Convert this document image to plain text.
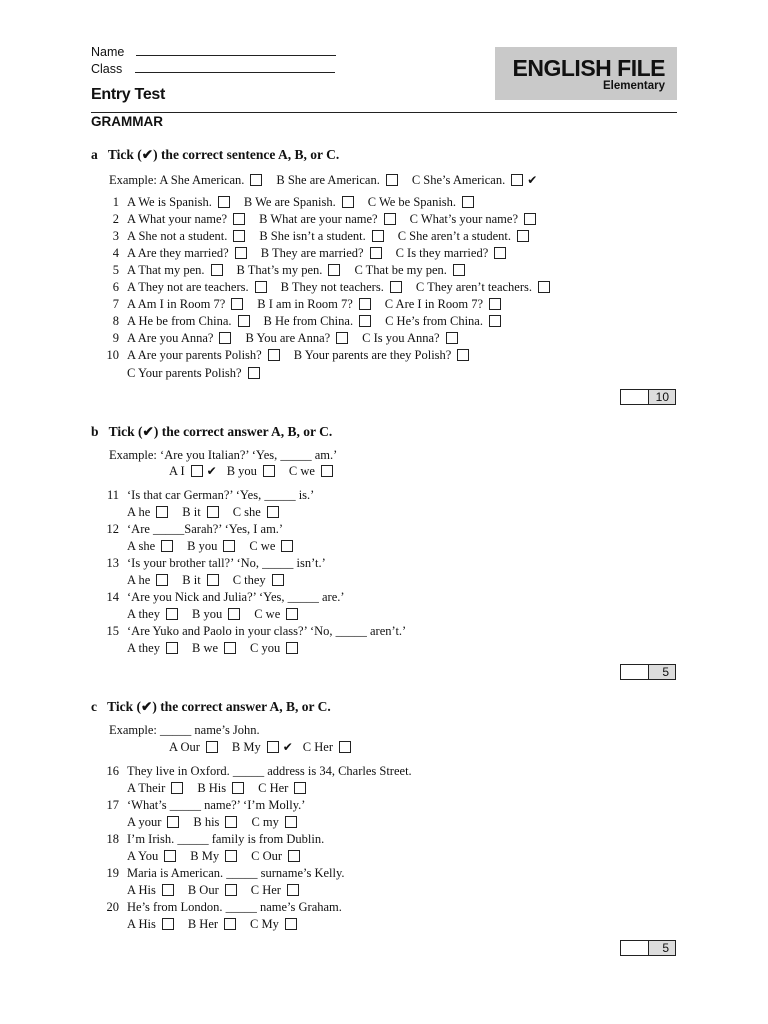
Name
Class	ENGLISH FILE
Elementary
Entry Test
GRAMMAR
a Tick (✔) the correct sentence A, B, or C.
Example: A She American.	B She are American.	C She’s American. ✔
1 A We is Spanish.	B We are Spanish.	C We be Spanish.
2 A What your name?	B What are your name?	C What’s your name?
3 A She not a student.	B She isn’t a student.	C She aren’t a student.
4 A Are they married?	B They are married?	C Is they married?
5 A That my pen.	B That’s my pen.	C That be my pen.
6 A They not are teachers.	B They not teachers.	C They aren’t teachers.
7 A Am I in Room 7?	B I am in Room 7?	C Are I in Room 7?
8 A He be from China.	B He from China.	C He’s from China.
9 A Are you Anna?	B You are Anna?	C Is you Anna?
10 A Are your parents Polish?	B Your parents are they Polish?
C Your parents Polish?
10
b Tick (✔) the correct answer A, B, or C.
Example: ‘Are you Italian?’ ‘Yes, _____ am.’
A I ✔ B you	C we
11 ‘Is that car German?’ ‘Yes, _____ is.’
A he	B it	C she
12 ‘Are _____Sarah?’ ‘Yes, I am.’
A she	B you	C we
13 ‘Is your brother tall?’ ‘No, _____ isn’t.’
A he	B it	C they
14 ‘Are you Nick and Julia?’ ‘Yes, _____ are.’
A they	B you	C we
15 ‘Are Yuko and Paolo in your class?’ ‘No, _____ aren’t.’
A they	B we	C you
5
c Tick (✔) the correct answer A, B, or C.
Example: _____ name’s John.
A Our	B My ✔ C Her
16 They live in Oxford. _____ address is 34, Charles Street.
A Their	B His	C Her
17 ‘What’s _____ name?’ ‘I’m Molly.’
A your	B his	C my
18 I’m Irish. _____ family is from Dublin.
A You	B My	C Our
19 Maria is American. _____ surname’s Kelly.
A His	B Our	C Her
20 He’s from London. _____ name’s Graham.
A His	B Her	C My
5
